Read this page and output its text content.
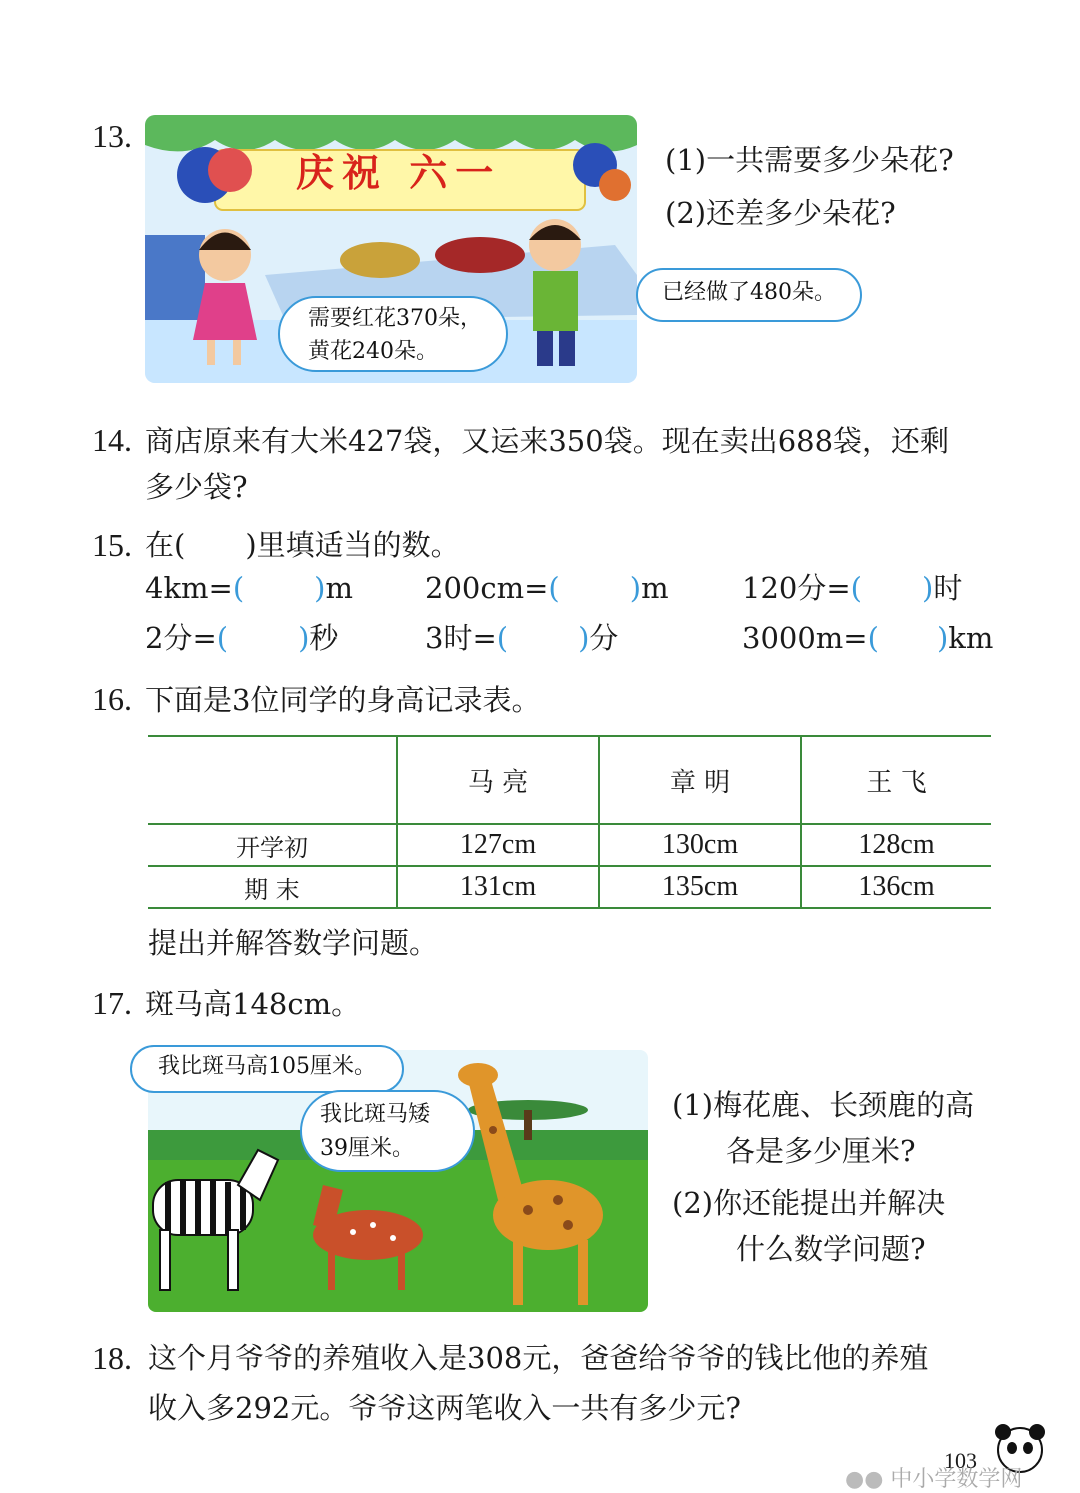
13.
庆祝 六一
需要红花370朵，
黄花240朵。
已经做了480朵。
(1)一共需要多少朵花?
(2)还差多少朵花?
14. 商店原来有大米427袋，又运来350袋。现在卖出688袋，还剩
多少袋?
15. 在( )里填适当的数。
4km=( )m 200cm=( )m	120分=( )时
2分=( )秒	3时=( )分	3000m=( )km
16. 下面是3位同学的身高记录表。
	马 亮	章 明	王 飞
开学初	127cm	130cm	128cm
期 末	131cm	135cm	136cm
提出并解答数学问题。
17. 斑马高148cm。
我比斑马高105厘米。
我比斑马矮
39厘米。
(1)梅花鹿、长颈鹿的高
各是多少厘米?
(2)你还能提出并解决
什么数学问题?
18. 这个月爷爷的养殖收入是308元，爸爸给爷爷的钱比他的养殖
收入多292元。爷爷这两笔收入一共有多少元?
103
●● 中小学数学网
